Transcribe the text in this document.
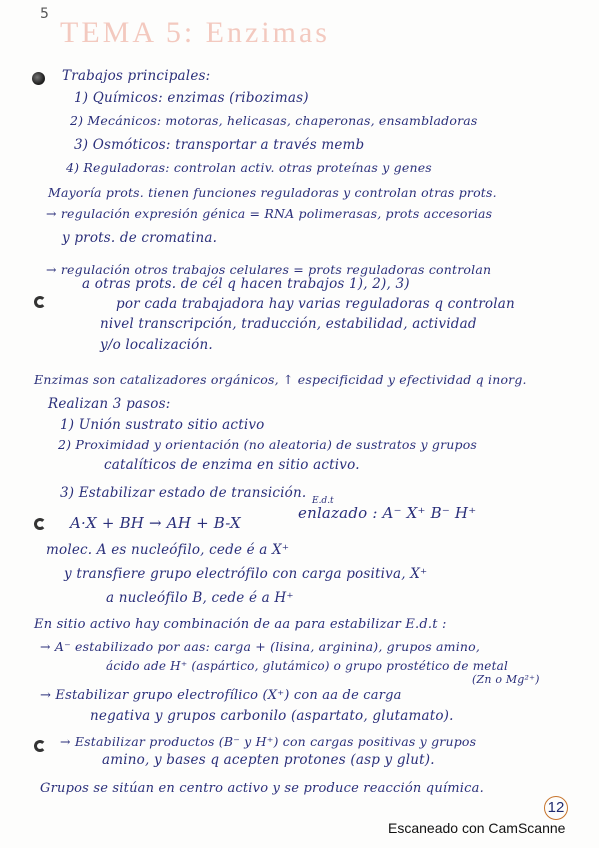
5
TEMA 5: Enzimas
Trabajos principales:
1) Químicos: enzimas (ribozimas)
2) Mecánicos: motoras, helicasas, chaperonas, ensambladoras
3) Osmóticos: transportar a través memb
4) Reguladoras: controlan activ. otras proteínas y genes
Mayoría prots. tienen funciones reguladoras y controlan otras prots.
→ regulación expresión génica = RNA polimerasas, prots accesorias
y prots. de cromatina.
→ regulación otros trabajos celulares = prots reguladoras controlan
a otras prots. de cél q hacen trabajos 1), 2), 3)
por cada trabajadora hay varias reguladoras q controlan
nivel transcripción, traducción, estabilidad, actividad
y/o localización.
Enzimas son catalizadores orgánicos, ↑ especificidad y efectividad q inorg.
Realizan 3 pasos:
1) Unión sustrato sitio activo
2) Proximidad y orientación (no aleatoria) de sustratos y grupos
catalíticos de enzima en sitio activo.
3) Estabilizar estado de transición. E.d.t
enlazado : A⁻ X⁺ B⁻ H⁺
A·X + BH → AH + B-X
molec. A es nucleófilo, cede é a X⁺
y transfiere grupo electrófilo con carga positiva, X⁺
a nucleófilo B, cede é a H⁺
En sitio activo hay combinación de aa para estabilizar E.d.t :
→ A⁻ estabilizado por aas: carga + (lisina, arginina), grupos amino,
ácido ade H⁺ (aspártico, glutámico) o grupo prostético de metal
(Zn o Mg²⁺)
→ Estabilizar grupo electrofílico (X⁺) con aa de carga
negativa y grupos carbonilo (aspartato, glutamato).
→ Estabilizar productos (B⁻ y H⁺) con cargas positivas y grupos
amino, y bases q acepten protones (asp y glut).
Grupos se sitúan en centro activo y se produce reacción química.
12
Escaneado con CamScanne
